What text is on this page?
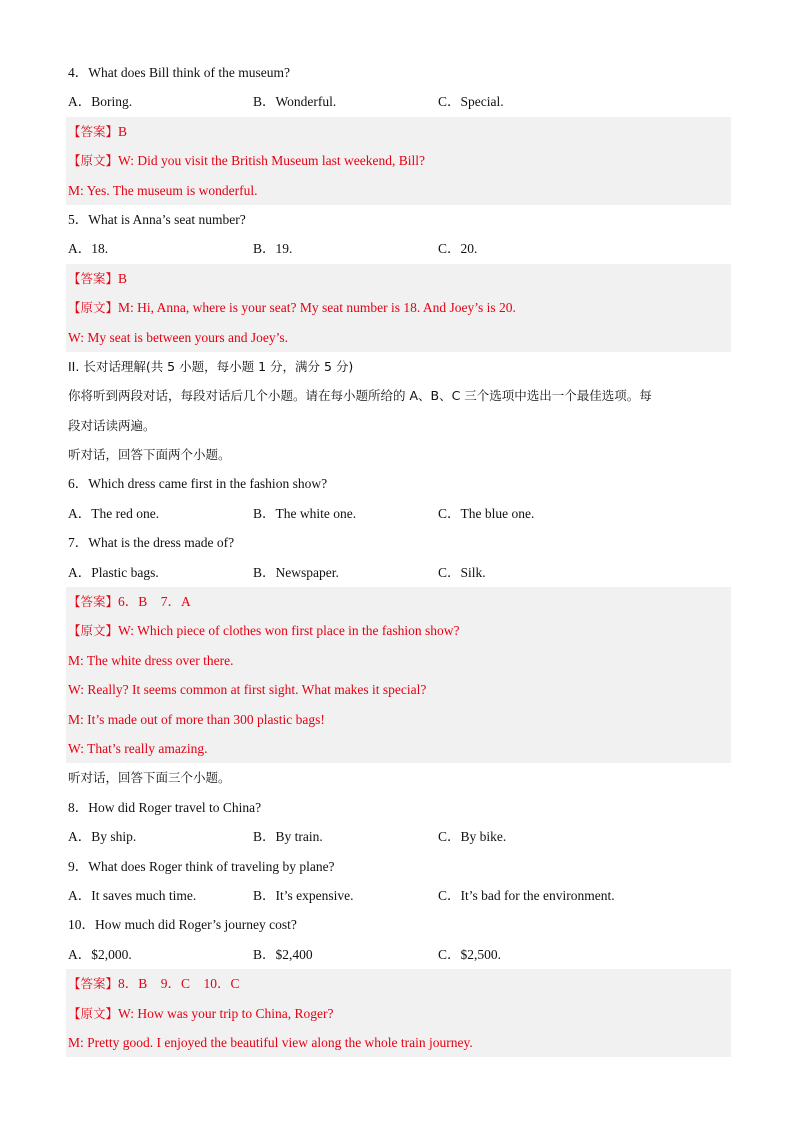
4．What does Bill think of the museum?
A．Boring.	B．Wonderful.	C．Special.
【答案】B
【原文】W: Did you visit the British Museum last weekend, Bill?
M: Yes. The museum is wonderful.
5．What is Anna’s seat number?
A．18.	B．19.	C．20.
【答案】B
【原文】M: Hi, Anna, where is your seat? My seat number is 18. And Joey’s is 20.
W: My seat is between yours and Joey’s.
II. 长对话理解(共 5 小题，每小题 1 分，满分 5 分)
你将听到两段对话，每段对话后几个小题。请在每小题所给的 A、B、C 三个选项中选出一个最佳选项。每
段对话读两遍。
听对话，回答下面两个小题。
6．Which dress came first in the fashion show?
A．The red one.	B．The white one.	C．The blue one.
7．What is the dress made of?
A．Plastic bags.	B．Newspaper.	C．Silk.
【答案】6．B　7．A
【原文】W: Which piece of clothes won first place in the fashion show?
M: The white dress over there.
W: Really? It seems common at first sight. What makes it special?
M: It’s made out of more than 300 plastic bags!
W: That’s really amazing.
听对话，回答下面三个小题。
8．How did Roger travel to China?
A．By ship.	B．By train.	C．By bike.
9．What does Roger think of traveling by plane?
A．It saves much time.	B．It’s expensive.	C．It’s bad for the environment.
10．How much did Roger’s journey cost?
A．$2,000.	B．$2,400	C．$2,500.
【答案】8．B　9．C　10．C
【原文】W: How was your trip to China, Roger?
M: Pretty good. I enjoyed the beautiful view along the whole train journey.
